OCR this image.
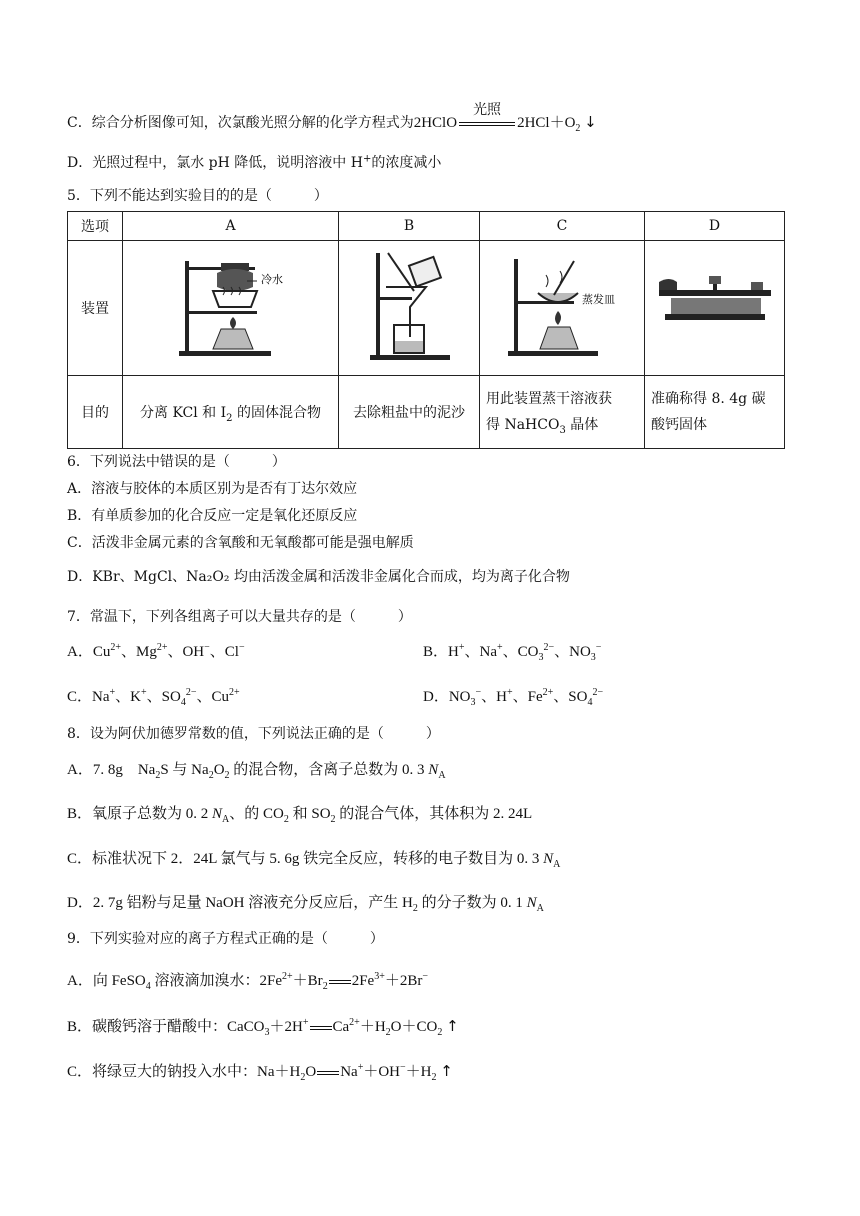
C．综合分析图像可知，次氯酸光照分解的化学方程式为2HClO
光照
$2HCl+O_2$ ↓
D．光照过程中，氯水 pH 降低，说明溶液中 H+的浓度减小
5．下列不能达到实验目的的是（　　　）
选项	A	B	C	D
装置	冷水		蒸发皿

目的	分离 KCl 和 $I_2$ 的固体混合物	去除粗盐中的泥沙	用此装置蒸干溶液获
得 NaHCO$_3$ 晶体	准确称得 8. 4g 碳
酸钙固体
6．下列说法中错误的是（　　　）
A．溶液与胶体的本质区别为是否有丁达尔效应
B．有单质参加的化合反应一定是氧化还原反应
C．活泼非金属元素的含氧酸和无氧酸都可能是强电解质
D．KBr、MgCl、Na₂O₂ 均由活泼金属和活泼非金属化合而成，均为离子化合物
7．常温下，下列各组离子可以大量共存的是（　　　）
A．$Cu^{2+}$、$Mg^{2+}$、OH−、Cl−	B．H+、Na+、$CO_3^{2-}$、$NO_3^-$
C．Na+、K+、$SO_4^{2-}$、$Cu^{2+}$	D．$NO_3^-$、H+、$Fe^{2+}$、$SO_4^{2-}$
8．设为阿伏加德罗常数的值，下列说法正确的是（　　　）
A．7. 8g　$Na_2S$ 与 $Na_2O_2$ 的混合物，含离子总数为 0. 3 $N_A$
B．氧原子总数为 0. 2 $N_A$、的 $CO_2$ 和 $SO_2$ 的混合气体，其体积为 2. 24L
C．标准状况下 2．24L 氯气与 5. 6g 铁完全反应，转移的电子数目为 0. 3 $N_A$
D．2. 7g 铝粉与足量 NaOH 溶液充分反应后，产生 $H_2$ 的分子数为 0. 1 $N_A$
9．下列实验对应的离子方程式正确的是（　　　）
A．向 FeSO$_4$ 溶液滴加溴水：$2Fe^{2+}+Br_2$ $2Fe^{3+}+2Br^-$
B．碳酸钙溶于醋酸中：CaCO$_3$＋2H+ $Ca^{2+}+H_2O+CO_2$ ↑
C．将绿豆大的钠投入水中：$Na+H_2O$ $Na^++OH^-+H_2$ ↑
